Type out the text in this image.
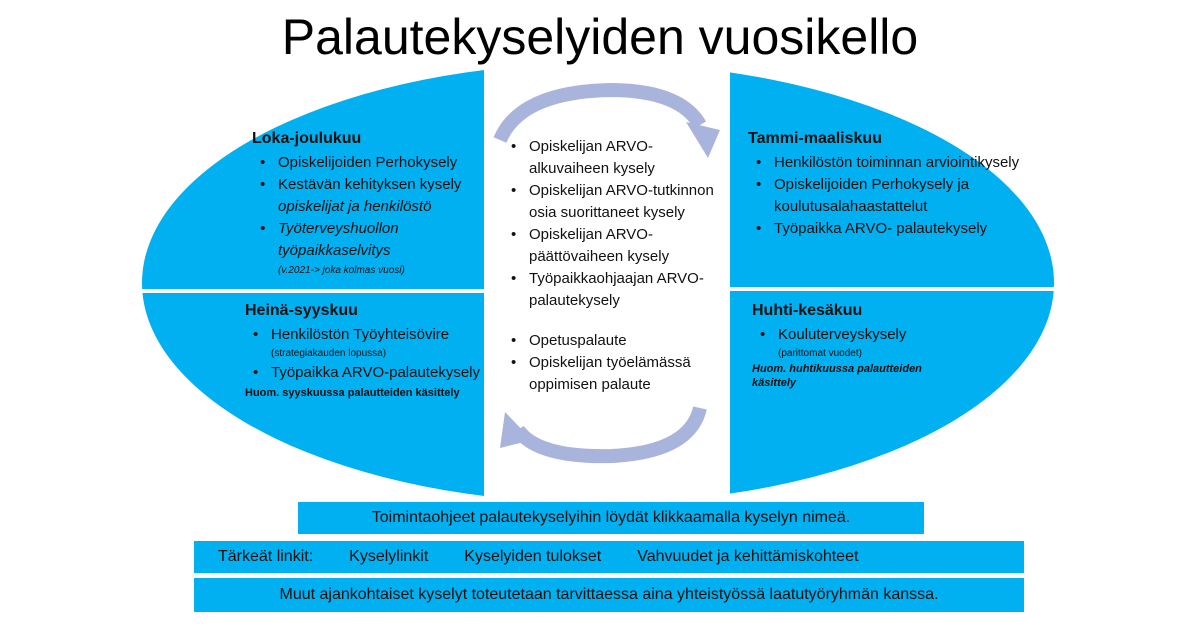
Palautekyselyiden vuosikello
Loka-joulukuu
• Opiskelijoiden Perhokysely
• Kestävän kehityksen kysely
opiskelijat ja henkilöstö
• Työterveyshuollon työpaikkaselvitys
(v.2021-> joka kolmas vuosi)
Heinä-syyskuu
• Henkilöstön Työyhteisövire
(strategiakauden lopussa)
• Työpaikka ARVO-palautekysely
Huom. syyskuussa palautteiden käsittely
Tammi-maaliskuu
• Henkilöstön toiminnan arviointikysely
• Opiskelijoiden Perhokysely ja koulutusalahaastattelut
• Työpaikka ARVO- palautekysely
Huhti-kesäkuu
• Kouluterveyskysely
(parittomat vuodet)
Huom. huhtikuussa palautteiden käsittely
• Opiskelijan ARVO-alkuvaiheen kysely
• Opiskelijan ARVO-tutkinnon osia suorittaneet kysely
• Opiskelijan ARVO-päättövaiheen kysely
• Työpaikkaohjaajan ARVO-palautekysely
• Opetuspalaute
• Opiskelijan työelämässä oppimisen palaute
Toimintaohjeet palautekyselyihin löydät klikkaamalla kyselyn nimeä.
Tärkeät linkit: Kyselylinkit Kyselyiden tulokset Vahvuudet ja kehittämiskohteet
Muut ajankohtaiset kyselyt toteutetaan tarvittaessa aina yhteistyössä laatutyöryhmän kanssa.
